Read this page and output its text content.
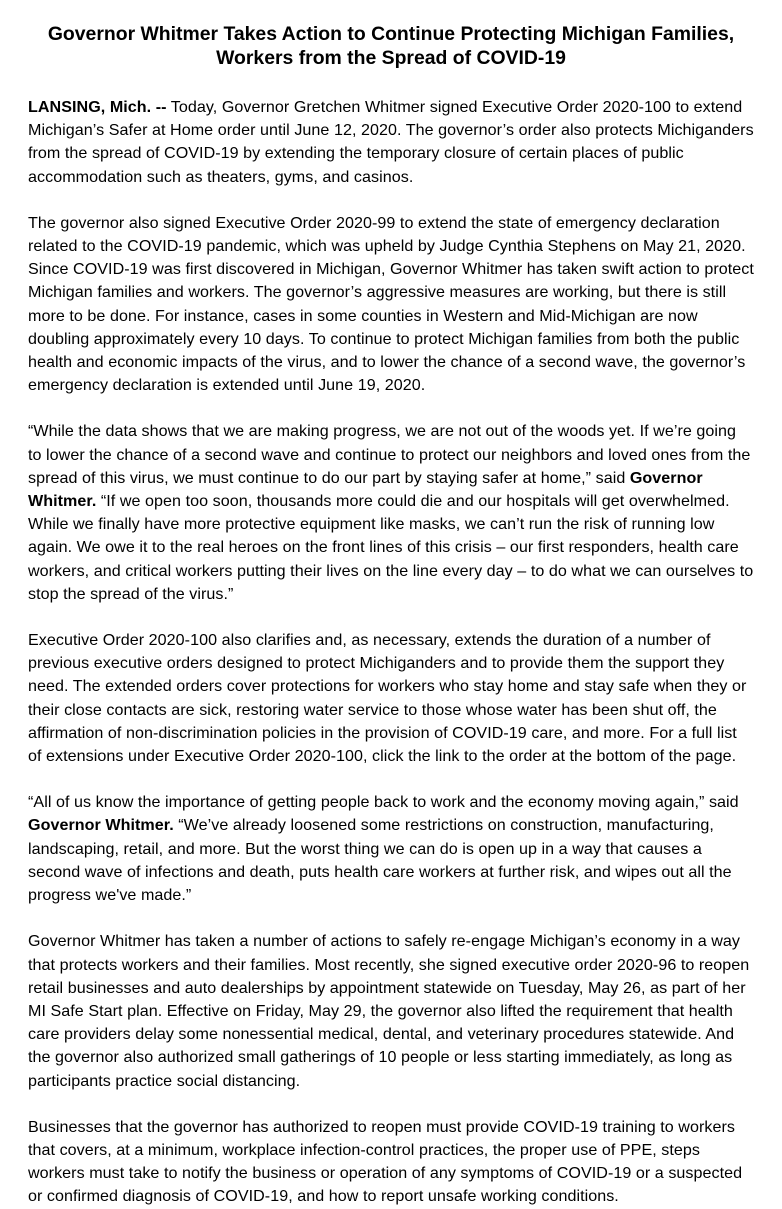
Governor Whitmer Takes Action to Continue Protecting Michigan Families,
Workers from the Spread of COVID-19

LANSING, Mich. -- Today, Governor Gretchen Whitmer signed Executive Order 2020-100 to extend Michigan’s Safer at Home order until June 12, 2020. The governor’s order also protects Michiganders from the spread of COVID-19 by extending the temporary closure of certain places of public accommodation such as theaters, gyms, and casinos.

The governor also signed Executive Order 2020-99 to extend the state of emergency declaration related to the COVID-19 pandemic, which was upheld by Judge Cynthia Stephens on May 21, 2020. Since COVID-19 was first discovered in Michigan, Governor Whitmer has taken swift action to protect Michigan families and workers. The governor’s aggressive measures are working, but there is still more to be done. For instance, cases in some counties in Western and Mid-Michigan are now doubling approximately every 10 days. To continue to protect Michigan families from both the public health and economic impacts of the virus, and to lower the chance of a second wave, the governor’s emergency declaration is extended until June 19, 2020.

“While the data shows that we are making progress, we are not out of the woods yet. If we’re going to lower the chance of a second wave and continue to protect our neighbors and loved ones from the spread of this virus, we must continue to do our part by staying safer at home,” said Governor Whitmer. “If we open too soon, thousands more could die and our hospitals will get overwhelmed. While we finally have more protective equipment like masks, we can’t run the risk of running low again. We owe it to the real heroes on the front lines of this crisis – our first responders, health care workers, and critical workers putting their lives on the line every day – to do what we can ourselves to stop the spread of the virus.”

Executive Order 2020-100 also clarifies and, as necessary, extends the duration of a number of previous executive orders designed to protect Michiganders and to provide them the support they need. The extended orders cover protections for workers who stay home and stay safe when they or their close contacts are sick, restoring water service to those whose water has been shut off, the affirmation of non-discrimination policies in the provision of COVID-19 care, and more. For a full list of extensions under Executive Order 2020-100, click the link to the order at the bottom of the page.

“All of us know the importance of getting people back to work and the economy moving again,” said Governor Whitmer. “We’ve already loosened some restrictions on construction, manufacturing, landscaping, retail, and more. But the worst thing we can do is open up in a way that causes a second wave of infections and death, puts health care workers at further risk, and wipes out all the progress we've made.”

Governor Whitmer has taken a number of actions to safely re-engage Michigan’s economy in a way that protects workers and their families. Most recently, she signed executive order 2020-96 to reopen retail businesses and auto dealerships by appointment statewide on Tuesday, May 26, as part of her MI Safe Start plan. Effective on Friday, May 29, the governor also lifted the requirement that health care providers delay some nonessential medical, dental, and veterinary procedures statewide. And the governor also authorized small gatherings of 10 people or less starting immediately, as long as participants practice social distancing.

Businesses that the governor has authorized to reopen must provide COVID-19 training to workers that covers, at a minimum, workplace infection-control practices, the proper use of PPE, steps workers must take to notify the business or operation of any symptoms of COVID-19 or a suspected or confirmed diagnosis of COVID-19, and how to report unsafe working conditions.
